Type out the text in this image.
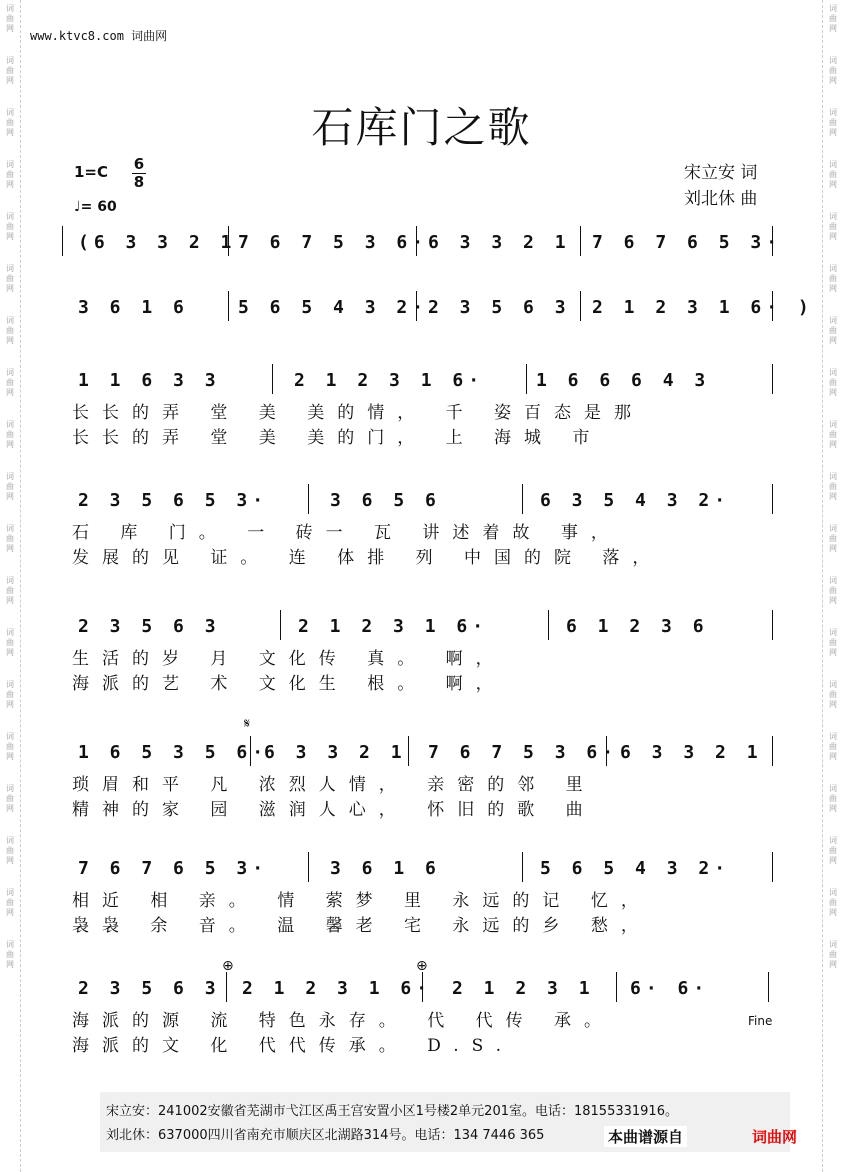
词
曲
网
词
曲
网
词
曲
网
词
曲
网
词
曲
网
词
曲
网
词
曲
网
词
曲
网
词
曲
网
词
曲
网
词
曲
网
词
曲
网
词
曲
网
词
曲
网
词
曲
网
词
曲
网
词
曲
网
词
曲
网
词
曲
网
词
曲
网
词
曲
网
词
曲
网
词
曲
网
词
曲
网
词
曲
网
词
曲
网
词
曲
网
词
曲
网
词
曲
网
词
曲
网
词
曲
网
词
曲
网
词
曲
网
词
曲
网
词
曲
网
词
曲
网
词
曲
网
词
曲
网
www.ktvc8.com 词曲网
石库门之歌
1=C 6
8
♩= 60
宋立安 词
刘北休 曲
(6 3 3 2 1 7 6 7 5 3 6· 6 3 3 2 1 7 6 7 6 5 3·
3 6 1 6	5 6 5 4 3 2· 2 3 5 6 3 2 1 2 3 1 6· )
1 1 6 3 3	2 1 2 3 1 6·	1 6 6 6 4 3
长长的弄 堂 美 美的情， 千 姿百态是那
长长的弄 堂 美 美的门， 上 海城 市
2 3 5 6 5 3·	3 6 5 6	6 3 5 4 3 2·
石 库 门。 一 砖一 瓦 讲述着故 事，
发展的见 证。 连 体排 列 中国的院 落，
2 3 5 6 3	2 1 2 3 1 6·	6 1 2 3 6
生活的岁 月 文化传 真。 啊，
海派的艺 术 文化生 根。 啊，
1 6 5 3 5 6·
6 3 3 2 1 7 6 7 5 3 6· 6 3 3 2 1
琐眉和平 凡 浓烈人情， 亲密的邻 里
精神的家 园 滋润人心， 怀旧的歌 曲
7 6 7 6 5 3·	3 6 1 6	5 6 5 4 3 2·
相近 相 亲。 情 萦梦 里 永远的记 忆，
袅袅 余 音。 温 馨老 宅 永远的乡 愁，
2 3 5 6 3 2 1 2 3 1 6· 2 1 2 3 1 6· 6·
海派的源 流 特色永存。 代 代传 承。
海派的文 化 代代传承。 D.S.
𝄋
⊕	⊕
Fine
宋立安：241002安徽省芜湖市弋江区禹王宫安置小区1号楼2单元201室。电话：18155331916。
刘北休：637000四川省南充市顺庆区北湖路314号。电话：134 7446 365	本曲谱源自	词曲网
